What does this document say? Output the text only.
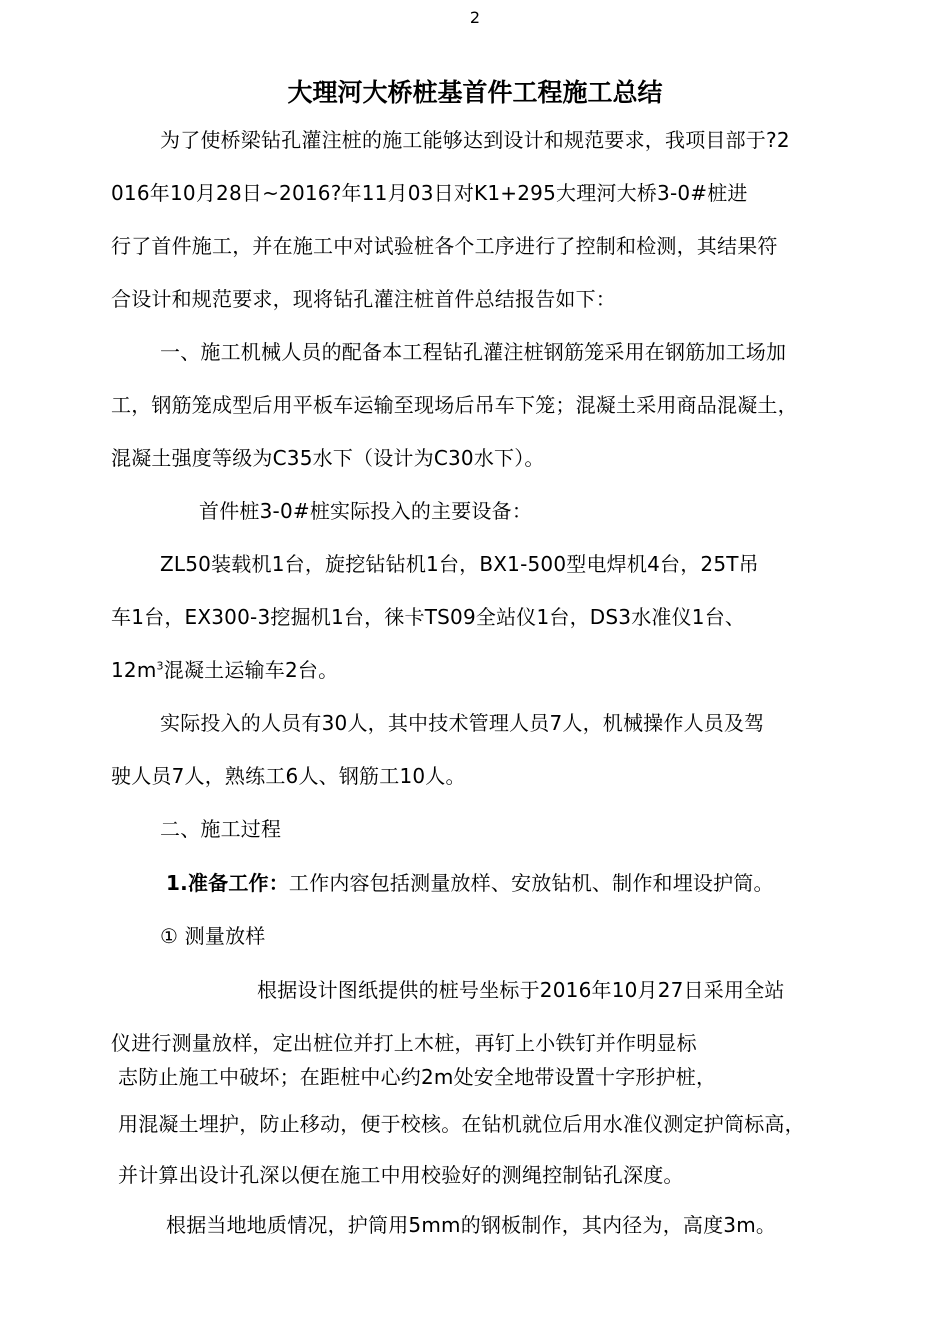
2
大理河大桥桩基首件工程施工总结
为了使桥梁钻孔灌注桩的施工能够达到设计和规范要求，我项目部于?2
016年10月28日~2016?年11月03日对K1+295大理河大桥3-0#桩进
行了首件施工，并在施工中对试验桩各个工序进行了控制和检测，其结果符
合设计和规范要求，现将钻孔灌注桩首件总结报告如下：
一、施工机械人员的配备本工程钻孔灌注桩钢筋笼采用在钢筋加工场加
工，钢筋笼成型后用平板车运输至现场后吊车下笼；混凝土采用商品混凝土，
混凝土强度等级为C35水下（设计为C30水下）。
首件桩3-0#桩实际投入的主要设备：
ZL50装载机1台，旋挖钻钻机1台，BX1-500型电焊机4台，25T吊
车1台，EX300-3挖掘机1台，徕卡TS09全站仪1台，DS3水准仪1台、
$12m^3$混凝土运输车2台。
实际投入的人员有30人，其中技术管理人员7人，机械操作人员及驾
驶人员7人，熟练工6人、钢筋工10人。
二、施工过程
1.准备工作：工作内容包括测量放样、安放钻机、制作和埋设护筒。
① 测量放样
根据设计图纸提供的桩号坐标于2016年10月27日采用全站
仪进行测量放样，定出桩位并打上木桩，再钉上小铁钉并作明显标
志防止施工中破坏；在距桩中心约2m处安全地带设置十字形护桩，
用混凝土埋护，防止移动，便于校核。在钻机就位后用水准仪测定护筒标高，
并计算出设计孔深以便在施工中用校验好的测绳控制钻孔深度。
根据当地地质情况，护筒用5mm的钢板制作，其内径为，高度3m。
